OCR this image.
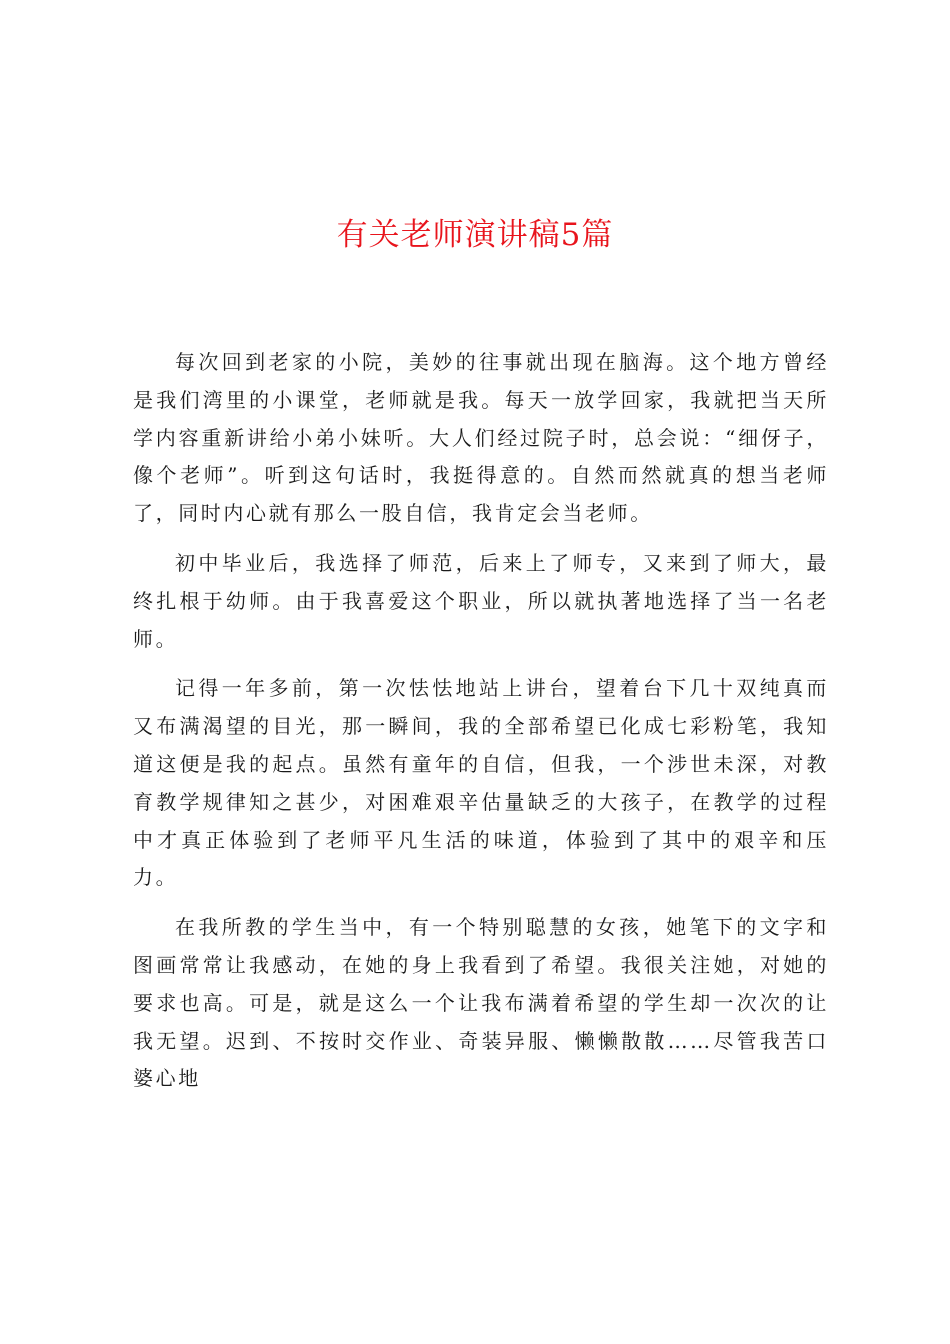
有关老师演讲稿5篇

每次回到老家的小院，美妙的往事就出现在脑海。这个地方曾经是我们湾里的小课堂，老师就是我。每天一放学回家，我就把当天所学内容重新讲给小弟小妹听。大人们经过院子时，总会说：“细伢子，像个老师”。听到这句话时，我挺得意的。自然而然就真的想当老师了，同时内心就有那么一股自信，我肯定会当老师。

初中毕业后，我选择了师范，后来上了师专，又来到了师大，最终扎根于幼师。由于我喜爱这个职业，所以就执著地选择了当一名老师。

记得一年多前，第一次怯怯地站上讲台，望着台下几十双纯真而又布满渴望的目光，那一瞬间，我的全部希望已化成七彩粉笔，我知道这便是我的起点。虽然有童年的自信，但我，一个涉世未深，对教育教学规律知之甚少，对困难艰辛估量缺乏的大孩子，在教学的过程中才真正体验到了老师平凡生活的味道，体验到了其中的艰辛和压力。

在我所教的学生当中，有一个特别聪慧的女孩，她笔下的文字和图画常常让我感动，在她的身上我看到了希望。我很关注她，对她的要求也高。可是，就是这么一个让我布满着希望的学生却一次次的让我无望。迟到、不按时交作业、奇装异服、懒懒散散……尽管我苦口婆心地
